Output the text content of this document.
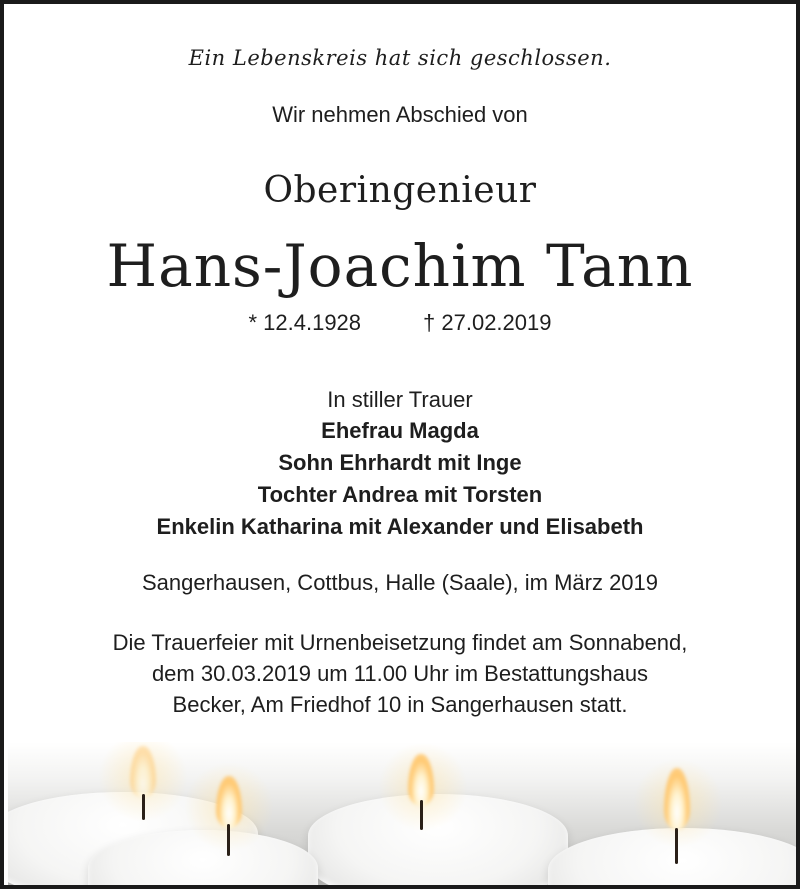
Ein Lebenskreis hat sich geschlossen.
Wir nehmen Abschied von
Oberingenieur
Hans-Joachim Tann
* 12.4.1928	† 27.02.2019
In stiller Trauer
Ehefrau Magda
Sohn Ehrhardt mit Inge
Tochter Andrea mit Torsten
Enkelin Katharina mit Alexander und Elisabeth
Sangerhausen, Cottbus, Halle (Saale), im März 2019
Die Trauerfeier mit Urnenbeisetzung findet am Sonnabend,
dem 30.03.2019 um 11.00 Uhr im Bestattungshaus
Becker, Am Friedhof 10 in Sangerhausen statt.
